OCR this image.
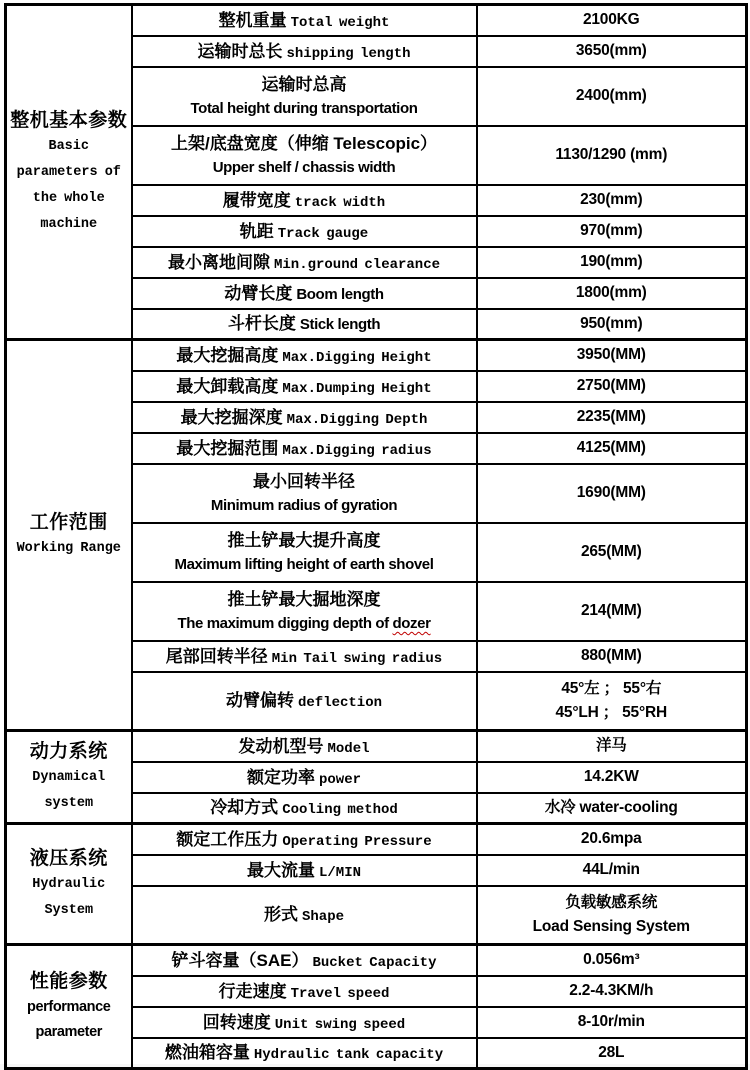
整机基本参数
Basic parameters of the whole machine	整机重量 Total weight	2100KG

	运输时总长 shipping length	3650(mm)

	运输时总高
Total height during transportation	2400(mm)

	上架/底盘宽度（伸缩 Telescopic）
Upper shelf / chassis width	1130/1290 (mm)

	履带宽度 track width	230(mm)

	轨距 Track gauge	970(mm)

	最小离地间隙 Min.ground clearance	190(mm)

	动臂长度 Boom length	1800(mm)

	斗杆长度 Stick length	950(mm)

工作范围
Working Range	最大挖掘高度 Max.Digging Height	3950(MM)

	最大卸载高度 Max.Dumping Height	2750(MM)

	最大挖掘深度 Max.Digging Depth	2235(MM)

	最大挖掘范围 Max.Digging radius	4125(MM)

	最小回转半径
Minimum radius of gyration	1690(MM)

	推土铲最大提升高度
Maximum lifting height of earth shovel	265(MM)

	推土铲最大掘地深度
The maximum digging depth of dozer	214(MM)

	尾部回转半径 Min Tail swing radius	880(MM)

	动臂偏转 deflection	45°左 ； 55°右
45°LH ； 55°RH

动力系统
Dynamical system	发动机型号 Model	洋马

	额定功率 power	14.2KW

	冷却方式 Cooling method	水冷 water-cooling

液压系统
Hydraulic System	额定工作压力 Operating Pressure	20.6mpa

	最大流量 L/MIN	44L/min

	形式 Shape	负载敏感系统
Load Sensing System

性能参数
performance parameter	铲斗容量（SAE） Bucket Capacity	0.056m³

	行走速度 Travel speed	2.2-4.3KM/h

	回转速度 Unit swing speed	8-10r/min

	燃油箱容量 Hydraulic tank capacity	28L
